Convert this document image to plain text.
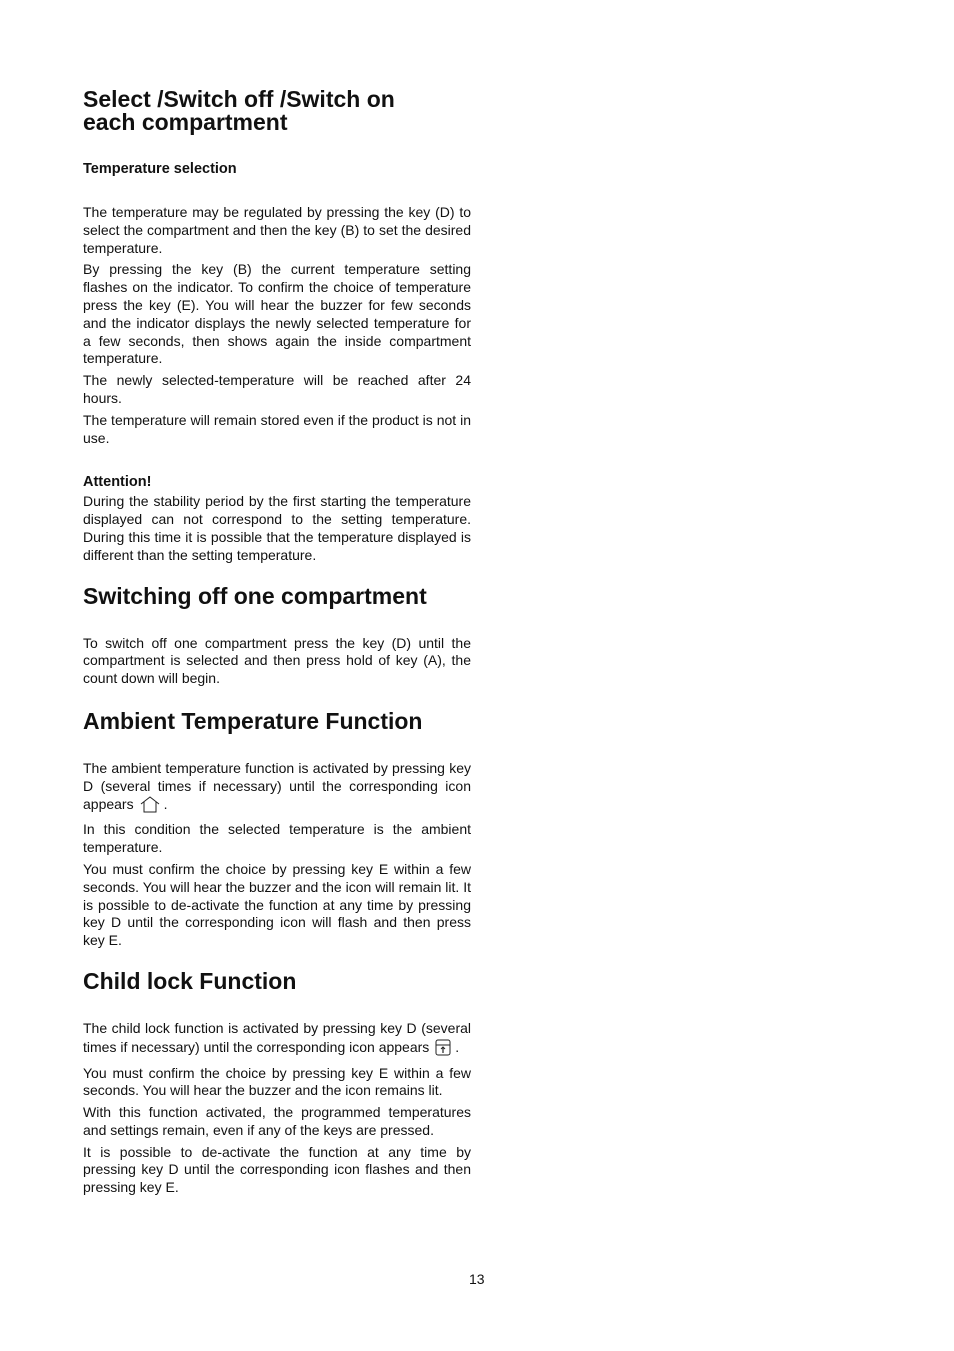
Select /Switch off /Switch on
each compartment
Temperature selection

The temperature may be regulated by pressing the key (D) to select the compartment and then the key (B) to set the desired temperature.

By pressing the key (B) the current temperature setting flashes on the indicator. To confirm the choice of temperature press the key (E). You will hear the buzzer for few seconds and the indicator displays the newly selected temperature for a few seconds, then shows again the inside compartment temperature.

The newly selected-temperature will be reached after 24 hours.

The temperature will remain stored even if the product is not in use.

Attention!

During the stability period by the first starting the temperature displayed can not correspond to the setting temperature. During this time it is possible that the temperature displayed is different than the setting temperature.

Switching off one compartment

To switch off one compartment press the key (D) until the compartment is selected and then press hold of key (A), the count down will begin.

Ambient Temperature Function

The ambient temperature function is activated by pressing key D (several times if necessary) until the corresponding icon appears .

In this condition the selected temperature is the ambient temperature.

You must confirm the choice by pressing key E within a few seconds. You will hear the buzzer and the icon will remain lit. It is possible to de-activate the function at any time by pressing key D until the corresponding icon will flash and then press key E.

Child lock Function

The child lock function is activated by pressing key D (several times if necessary) until the corresponding icon appears .

You must confirm the choice by pressing key E within a few seconds. You will hear the buzzer and the icon remains lit.

With this function activated, the programmed temperatures and settings remain, even if any of the keys are pressed.

It is possible to de-activate the function at any time by pressing key D until the corresponding icon flashes and then pressing key E.

13
